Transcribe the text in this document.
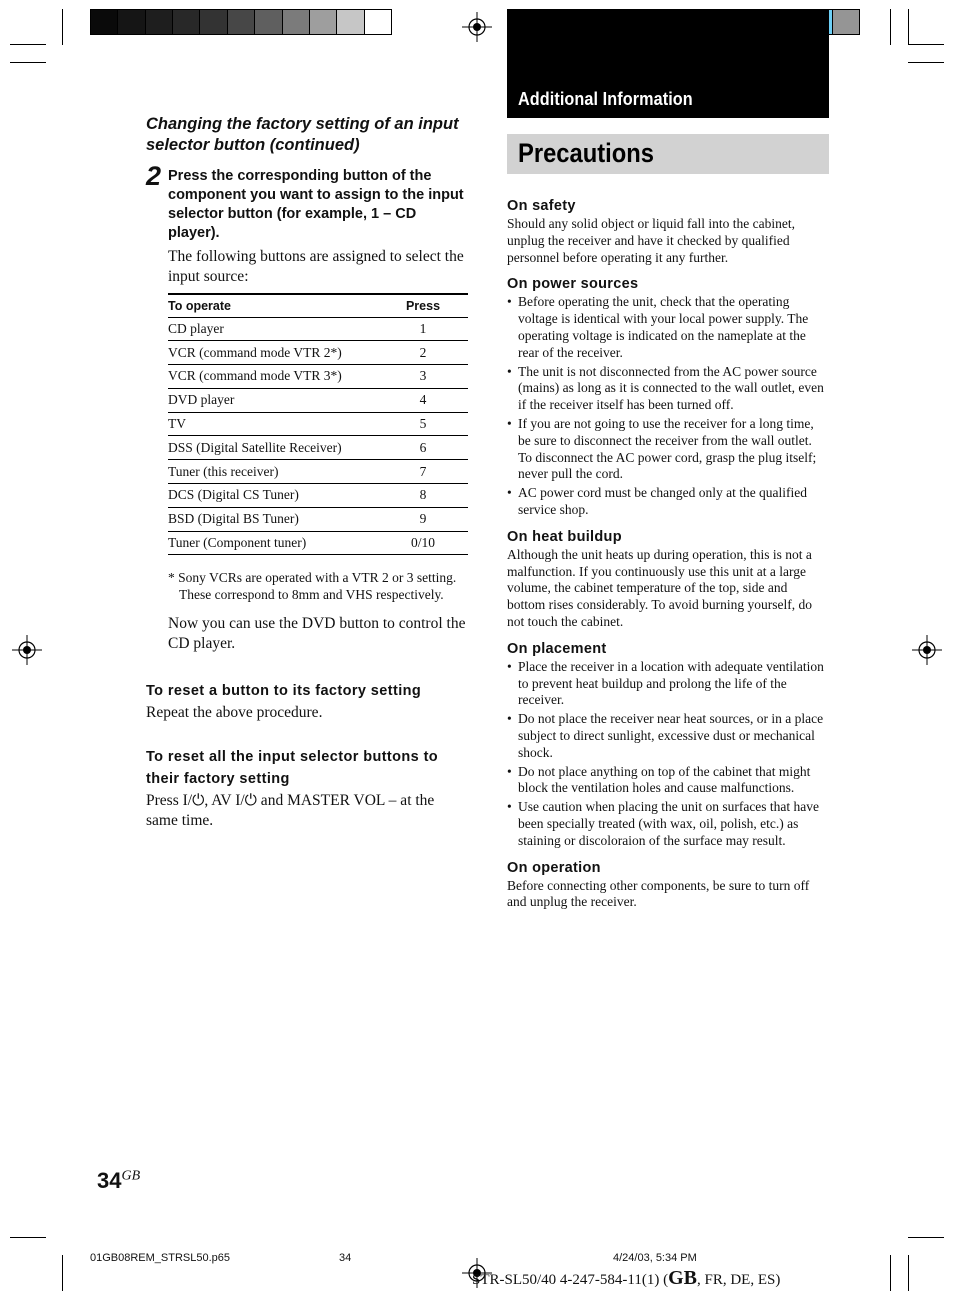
Additional Information
Precautions
Changing the factory setting of an input selector button (continued)
2 Press the corresponding button of the component you want to assign to the input selector button (for example, 1 – CD player).
The following buttons are assigned to select the input source:
To operate	Press
CD player	1
VCR (command mode VTR 2*)	2
VCR (command mode VTR 3*)	3
DVD player	4
TV	5
DSS (Digital Satellite Receiver)	6
Tuner (this receiver)	7
DCS (Digital CS Tuner)	8
BSD (Digital BS Tuner)	9
Tuner (Component tuner)	0/10
* Sony VCRs are operated with a VTR 2 or 3 setting. These correspond to 8mm and VHS respectively.
Now you can use the DVD button to control the CD player.
To reset a button to its factory setting
Repeat the above procedure.
To reset all the input selector buttons to their factory setting
Press I/⏻, AV I/⏻ and MASTER VOL – at the same time.
On safety
Should any solid object or liquid fall into the cabinet, unplug the receiver and have it checked by qualified personnel before operating it any further.
On power sources
• Before operating the unit, check that the operating voltage is identical with your local power supply. The operating voltage is indicated on the nameplate at the rear of the receiver.
• The unit is not disconnected from the AC power source (mains) as long as it is connected to the wall outlet, even if the receiver itself has been turned off.
• If you are not going to use the receiver for a long time, be sure to disconnect the receiver from the wall outlet. To disconnect the AC power cord, grasp the plug itself; never pull the cord.
• AC power cord must be changed only at the qualified service shop.
On heat buildup
Although the unit heats up during operation, this is not a malfunction. If you continuously use this unit at a large volume, the cabinet temperature of the top, side and bottom rises considerably. To avoid burning yourself, do not touch the cabinet.
On placement
• Place the receiver in a location with adequate ventilation to prevent heat buildup and prolong the life of the receiver.
• Do not place the receiver near heat sources, or in a place subject to direct sunlight, excessive dust or mechanical shock.
• Do not place anything on top of the cabinet that might block the ventilation holes and cause malfunctions.
• Use caution when placing the unit on surfaces that have been specially treated (with wax, oil, polish, etc.) as staining or discoloraion of the surface may result.
On operation
Before connecting other components, be sure to turn off and unplug the receiver.
$34^{GB}$
01GB08REM_STRSL50.p65	34	4/24/03, 5:34 PM
STR-SL50/40 4-247-584-11(1) (GB, FR, DE, ES)
